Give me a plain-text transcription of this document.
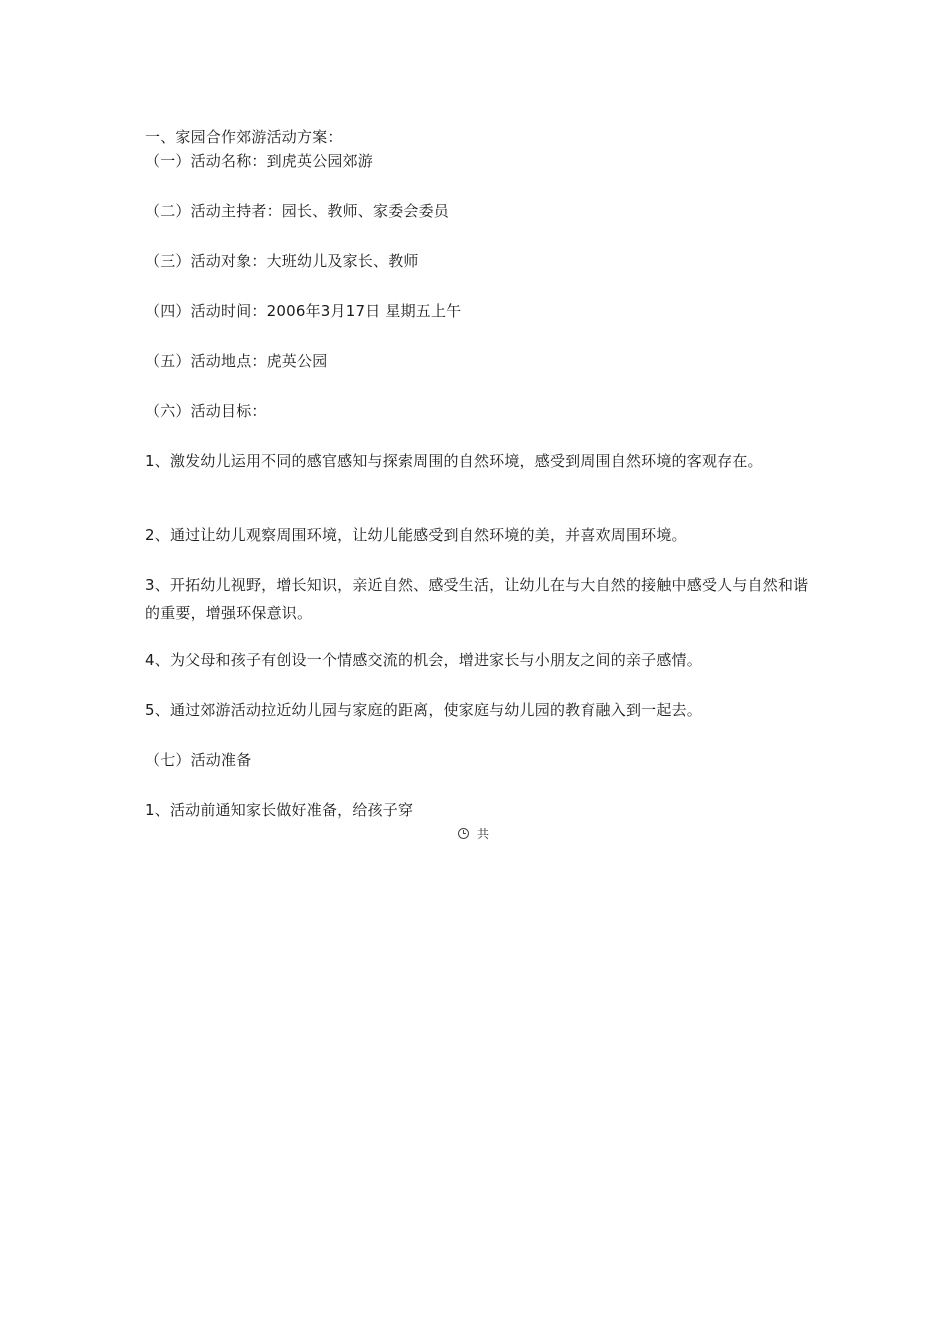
一、家园合作郊游活动方案：
（一）活动名称：到虎英公园郊游
（二）活动主持者：园长、教师、家委会委员
（三）活动对象：大班幼儿及家长、教师
（四）活动时间：2006年3月17日 星期五上午
（五）活动地点：虎英公园
（六）活动目标：
1、激发幼儿运用不同的感官感知与探索周围的自然环境，感受到周围自然环境的客观存在。
2、通过让幼儿观察周围环境，让幼儿能感受到自然环境的美，并喜欢周围环境。
3、开拓幼儿视野，增长知识，亲近自然、感受生活，让幼儿在与大自然的接触中感受人与自然和谐的重要，增强环保意识。
4、为父母和孩子有创设一个情感交流的机会，增进家长与小朋友之间的亲子感情。
5、通过郊游活动拉近幼儿园与家庭的距离，使家庭与幼儿园的教育融入到一起去。
（七）活动准备
1、活动前通知家长做好准备，给孩子穿
共
